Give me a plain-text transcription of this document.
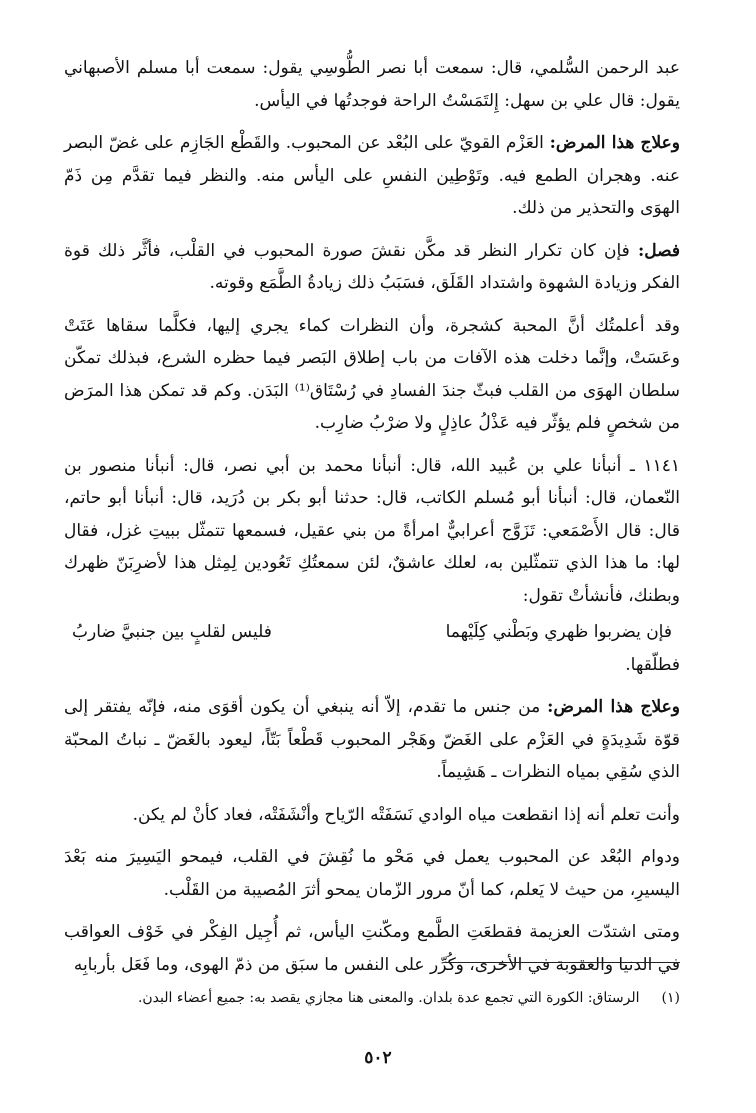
عبد الرحمن السُّلمي، قال: سمعت أبا نصر الطُّوسِي يقول: سمعت أبا مسلم الأصبهاني يقول: قال علي بن سهل: إِلتَمَسْتُ الراحة فوجدتُها في اليأس.

وعلاج هذا المرض: العَزْم القويّ على البُعْد عن المحبوب. والقَطْع الجَازِم على غضّ البصر عنه. وهجران الطمع فيه. وتَوْطِين النفسِ على اليأس منه. والنظر فيما تقدَّم مِن ذَمّ الهوَى والتحذير من ذلك.

فصل: فإن كان تكرار النظر قد مكَّن نقشَ صورة المحبوب في القلْب، فأثَّر ذلك قوة الفكر وزيادة الشهوة واشتداد القَلَق، فسَبَبُ ذلك زيادةُ الطَّمَع وقوته.

وقد أعلمتُك أنَّ المحبة كشجرة، وأن النظرات كماء يجري إليها، فكلَّما سقاها عَتَتْ وعَسَتْ، وإنَّما دخلت هذه الآفات من باب إطلاق البَصر فيما حظره الشرع، فبذلك تمكّن سلطان الهوَى من القلب فبثّ جندَ الفسادِ في رُسْتَاق⁽¹⁾ البَدَن. وكم قد تمكن هذا المرَض من شخصٍ فلم يؤثّر فيه عَذْلُ عاذِلٍ ولا ضرْبُ ضارِب.

١١٤١ ـ أنبأنا علي بن عُبيد الله، قال: أنبأنا محمد بن أبي نصر، قال: أنبأنا منصور بن النّعمان، قال: أنبأنا أبو مُسلم الكاتب، قال: حدثنا أبو بكر بن دُرَيد، قال: أنبأنا أبو حاتم، قال: قال الأَصْمَعي: تَزَوَّج أعرابيٌّ امرأةً من بني عقيل، فسمعها تتمثّل ببيتِ غزل، فقال لها: ما هذا الذي تتمثّلين به، لعلك عاشقٌ، لئن سمعتُكِ تَعُودين لِمِثل هذا لأضرِبَنّ ظهرك وبطنك، فأنشأتْ تقول:

فإن يضربوا ظهري وبَطْني كِلَيْهما
فليس لقلبٍ بين جنبيَّ ضاربُ

فطلّقها.

وعلاج هذا المرض: من جنس ما تقدم، إلاّ أنه ينبغي أن يكون أقوَى منه، فإنّه يفتقر إلى قوّة شَدِيدَةٍ في العَزْم على الغَضّ وهَجْر المحبوب قَطْعاً بَتّاً، ليعود بالغَضّ ـ نباتُ المحبّة الذي سُقِي بمياه النظرات ـ هَشِيماً.

وأنت تعلم أنه إذا انقطعت مياه الوادي نَسَفَتْه الرّياح وأنْشَفَتْه، فعاد كأنْ لم يكن.

ودوام البُعْد عن المحبوب يعمل في مَحْو ما نُقِشَ في القلب، فيمحو اليَسِيرَ منه بَعْدَ اليسيرِ، من حيث لا يَعلم، كما أنّ مرور الزّمان يمحو أثرَ المُصيبة من القَلْب.

ومتى اشتدّت العزيمة فقطعَتِ الطَّمع ومكّنتِ اليأس، ثم أُجِيل الفِكْر في خَوْف العواقب في الدنيا والعقوبة في الأخرى، وكُرِّر على النفس ما سبَق من ذمّ الهوى، وما فَعَل بأربابِه

(١)
الرستاق: الكورة التي تجمع عدة بلدان. والمعنى هنا مجازي يقصد به: جميع أعضاء البدن.
٥٠٢
